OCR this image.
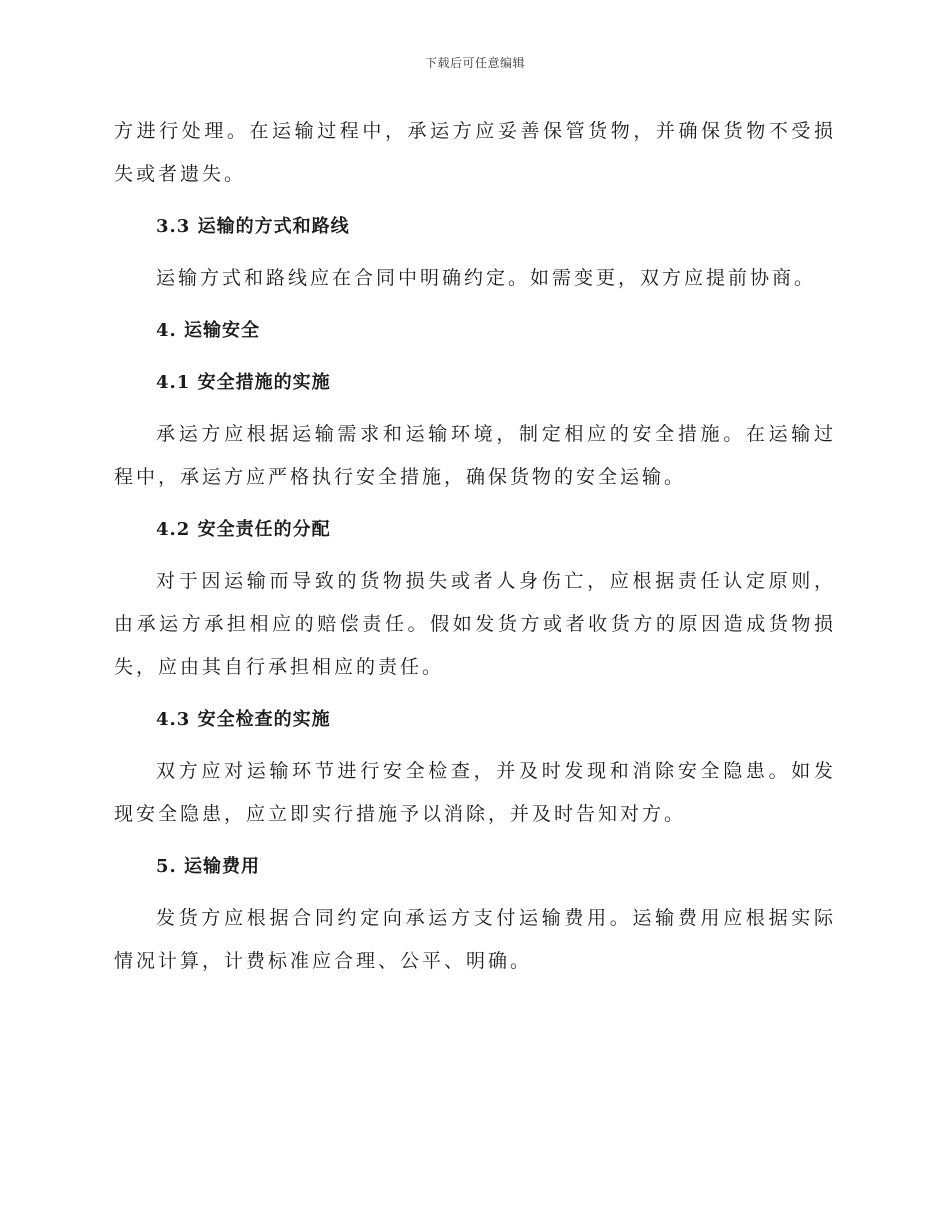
下载后可任意编辑

方进行处理。在运输过程中，承运方应妥善保管货物，并确保货物不受损失或者遗失。

3.3 运输的方式和路线

运输方式和路线应在合同中明确约定。如需变更，双方应提前协商。

4. 运输安全
4.1 安全措施的实施

承运方应根据运输需求和运输环境，制定相应的安全措施。在运输过程中，承运方应严格执行安全措施，确保货物的安全运输。

4.2 安全责任的分配

对于因运输而导致的货物损失或者人身伤亡，应根据责任认定原则，由承运方承担相应的赔偿责任。假如发货方或者收货方的原因造成货物损失，应由其自行承担相应的责任。

4.3 安全检查的实施

双方应对运输环节进行安全检查，并及时发现和消除安全隐患。如发现安全隐患，应立即实行措施予以消除，并及时告知对方。

5. 运输费用

发货方应根据合同约定向承运方支付运输费用。运输费用应根据实际情况计算，计费标准应合理、公平、明确。
